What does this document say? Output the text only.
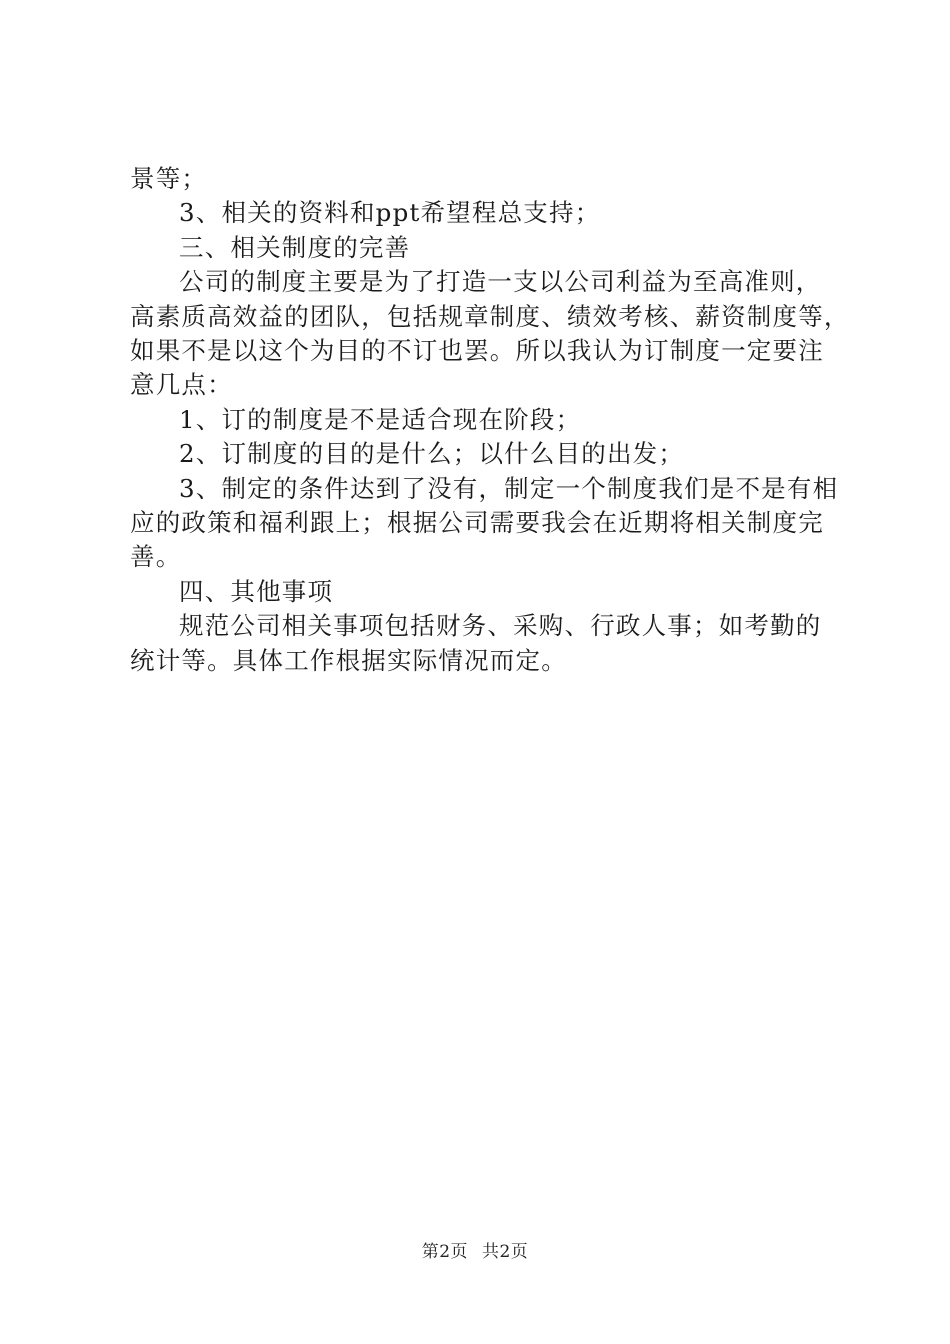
景等；
3、相关的资料和ppt希望程总支持；
三、相关制度的完善
公司的制度主要是为了打造一支以公司利益为至高准则，
高素质高效益的团队，包括规章制度、绩效考核、薪资制度等，
如果不是以这个为目的不订也罢。所以我认为订制度一定要注
意几点：
1、订的制度是不是适合现在阶段；
2、订制度的目的是什么；以什么目的出发；
3、制定的条件达到了没有，制定一个制度我们是不是有相
应的政策和福利跟上；根据公司需要我会在近期将相关制度完
善。
四、其他事项
规范公司相关事项包括财务、采购、行政人事；如考勤的
统计等。具体工作根据实际情况而定。
第2页 共2页
